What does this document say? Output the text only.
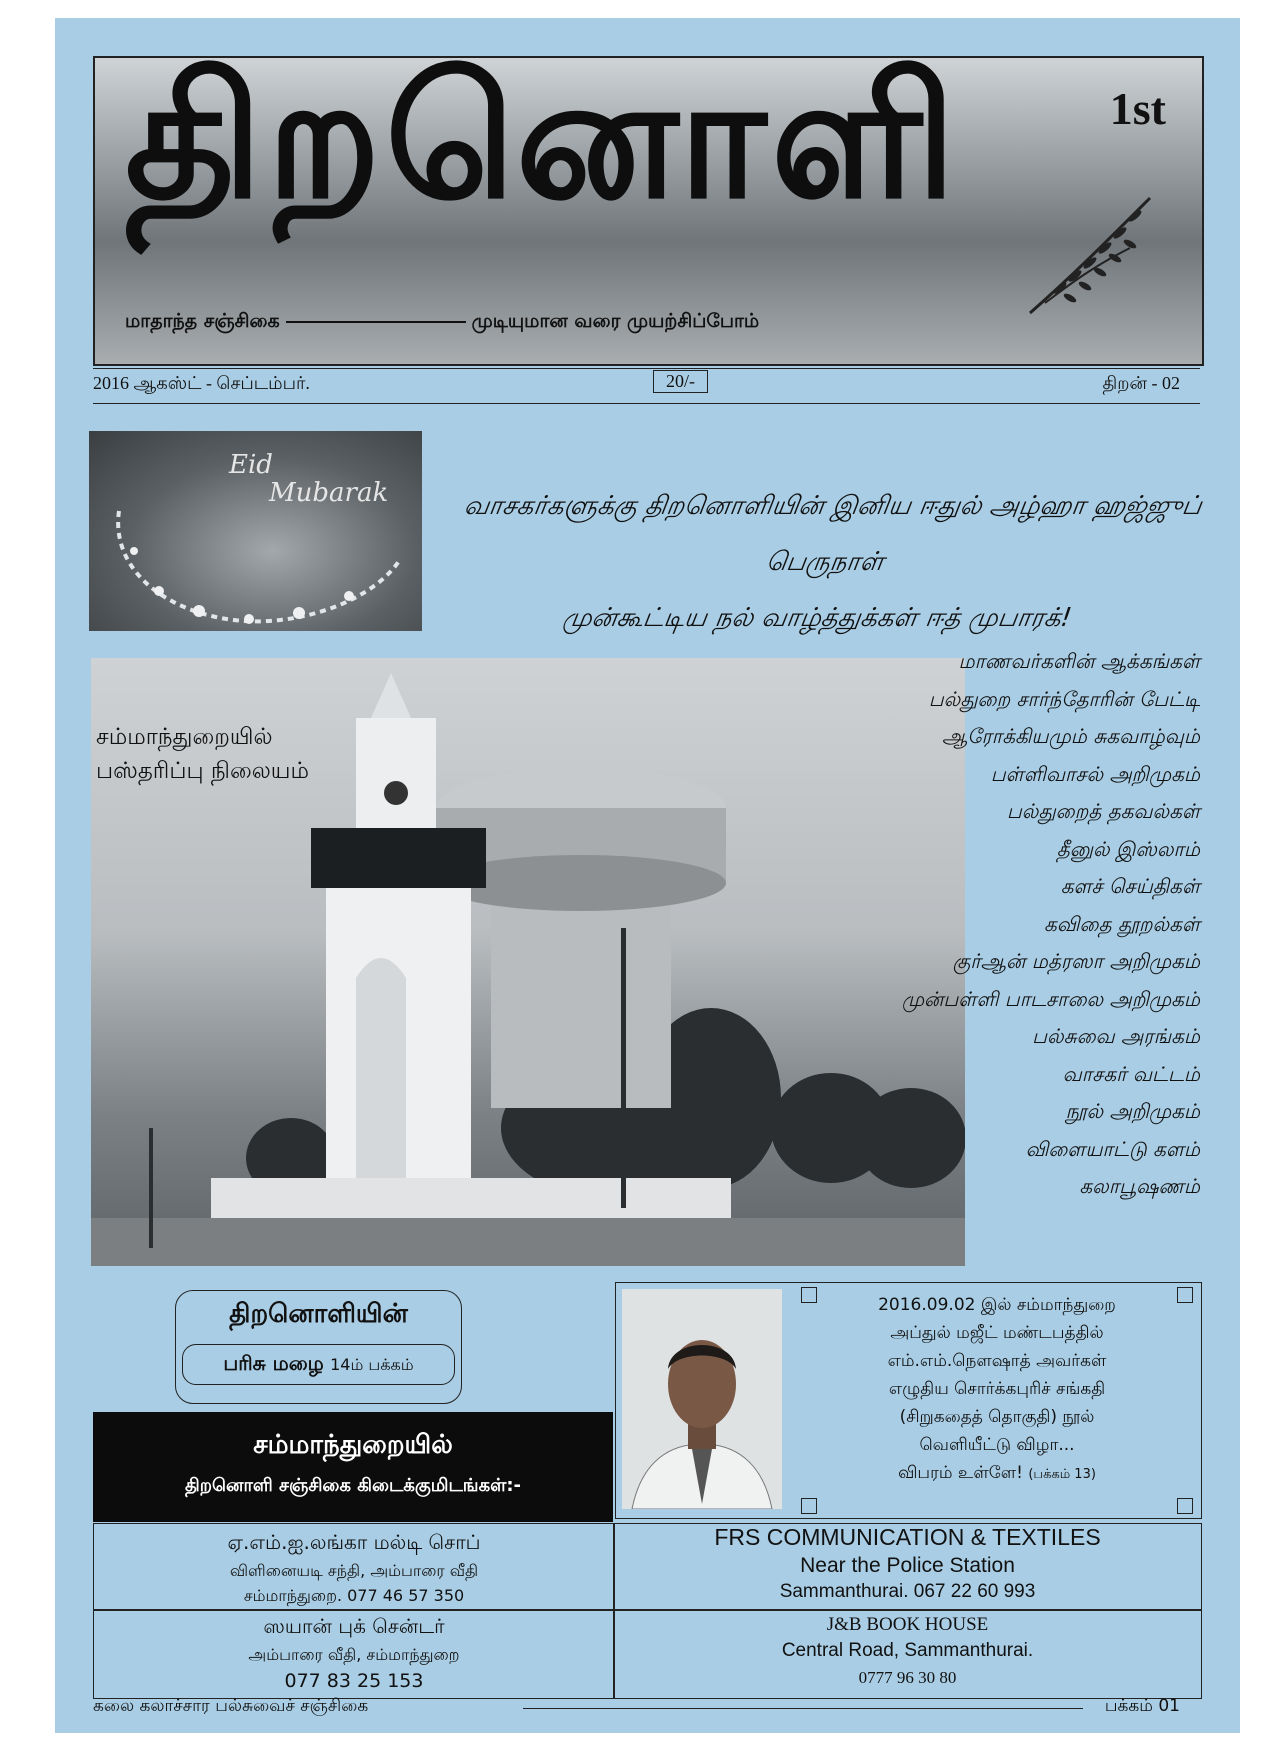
திறனொளி	1st
மாதாந்த சஞ்சிகை	முடியுமான வரை முயற்சிப்போம்
2016 ஆகஸ்ட் - செப்டம்பர்.	20/-	திறன் - 02
Eid
Mubarak	வாசகர்களுக்கு திறனொளியின் இனிய ஈதுல் அழ்ஹா ஹஜ்ஜுப் பெருநாள்
முன்கூட்டிய நல் வாழ்த்துக்கள் ஈத் முபாரக்!
சம்மாந்துறையில்
பஸ்தரிப்பு நிலையம்
மாணவர்களின் ஆக்கங்கள்
பல்துறை சார்ந்தோரின் பேட்டி
ஆரோக்கியமும் சுகவாழ்வும்
பள்ளிவாசல் அறிமுகம்
பல்துறைத் தகவல்கள்
தீனுல் இஸ்லாம்
களச் செய்திகள்
கவிதை தூறல்கள்
குர்ஆன் மத்ரஸா அறிமுகம்
முன்பள்ளி பாடசாலை அறிமுகம்
பல்சுவை அரங்கம்
வாசகர் வட்டம்
நூல் அறிமுகம்
விளையாட்டு களம்
கலாபூஷணம்
திறனொளியின்
பரிசு மழை 14ம் பக்கம்
சம்மாந்துறையில்
திறனொளி சஞ்சிகை கிடைக்குமிடங்கள்:-
ஏ.எம்.ஐ.லங்கா மல்டி சொப்
விளினையடி சந்தி, அம்பாரை வீதி
சம்மாந்துறை. 077 46 57 350
ஸயான் புக் சென்டர்
அம்பாரை வீதி, சம்மாந்துறை
077 83 25 153
FRS COMMUNICATION & TEXTILES
Near the Police Station
Sammanthurai. 067 22 60 993
J&B BOOK HOUSE
Central Road, Sammanthurai.
0777 96 30 80
2016.09.02 இல் சம்மாந்துறை
அப்துல் மஜீட் மண்டபத்தில்
எம்.எம்.நௌஷாத் அவர்கள்
எழுதிய சொர்க்கபுரிச் சங்கதி
(சிறுகதைத் தொகுதி) நூல்
வெளியீட்டு விழா...
விபரம் உள்ளே! (பக்கம் 13)
கலை கலாச்சார பல்சுவைச் சஞ்சிகை	பக்கம் 01
